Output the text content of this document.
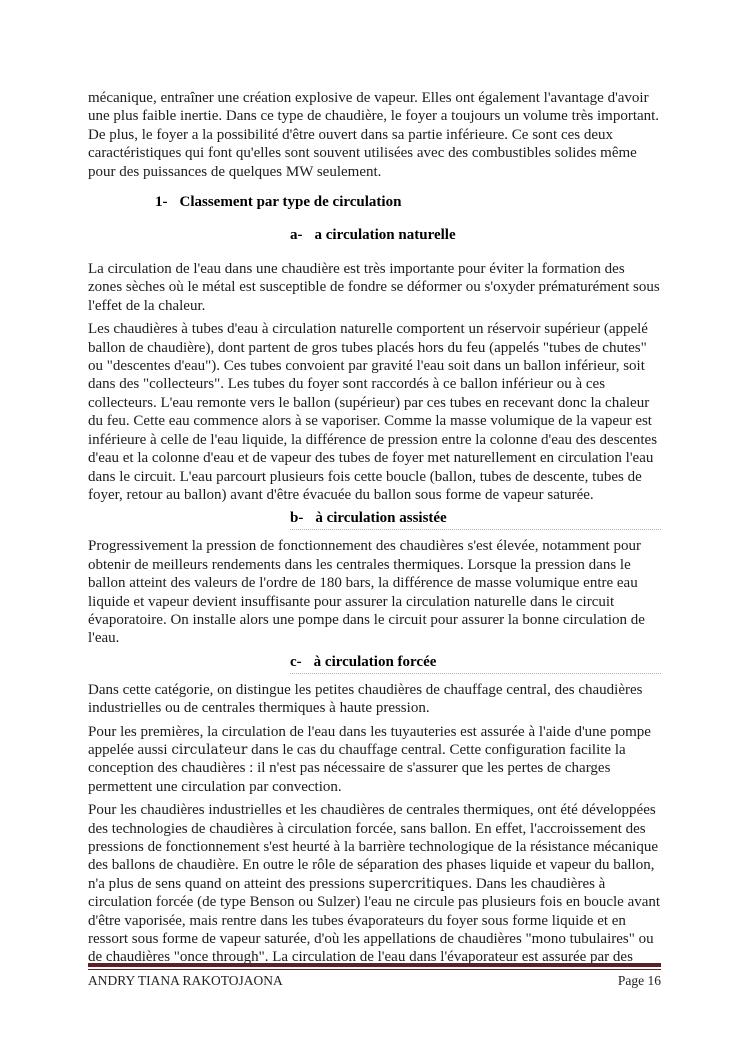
mécanique, entraîner une création explosive de vapeur. Elles ont également l'avantage d'avoir une plus faible inertie. Dans ce type de chaudière, le foyer a toujours un volume très important. De plus, le foyer a la possibilité d'être ouvert dans sa partie inférieure. Ce sont ces deux caractéristiques qui font qu'elles sont souvent utilisées avec des combustibles solides même pour des puissances de quelques MW seulement.

1- Classement par type de circulation
a- a circulation naturelle

La circulation de l'eau dans une chaudière est très importante pour éviter la formation des zones sèches où le métal est susceptible de fondre se déformer ou s'oxyder prématurément sous l'effet de la chaleur.

Les chaudières à tubes d'eau à circulation naturelle comportent un réservoir supérieur (appelé ballon de chaudière), dont partent de gros tubes placés hors du feu (appelés "tubes de chutes" ou "descentes d'eau"). Ces tubes convoient par gravité l'eau soit dans un ballon inférieur, soit dans des "collecteurs". Les tubes du foyer sont raccordés à ce ballon inférieur ou à ces collecteurs. L'eau remonte vers le ballon (supérieur) par ces tubes en recevant donc la chaleur du feu. Cette eau commence alors à se vaporiser. Comme la masse volumique de la vapeur est inférieure à celle de l'eau liquide, la différence de pression entre la colonne d'eau des descentes d'eau et la colonne d'eau et de vapeur des tubes de foyer met naturellement en circulation l'eau dans le circuit. L'eau parcourt plusieurs fois cette boucle (ballon, tubes de descente, tubes de foyer, retour au ballon) avant d'être évacuée du ballon sous forme de vapeur saturée.

b- à circulation assistée

Progressivement la pression de fonctionnement des chaudières s'est élevée, notamment pour obtenir de meilleurs rendements dans les centrales thermiques. Lorsque la pression dans le ballon atteint des valeurs de l'ordre de 180 bars, la différence de masse volumique entre eau liquide et vapeur devient insuffisante pour assurer la circulation naturelle dans le circuit évaporatoire. On installe alors une pompe dans le circuit pour assurer la bonne circulation de l'eau.

c- à circulation forcée

Dans cette catégorie, on distingue les petites chaudières de chauffage central, des chaudières industrielles ou de centrales thermiques à haute pression.

Pour les premières, la circulation de l'eau dans les tuyauteries est assurée à l'aide d'une pompe appelée aussi circulateur dans le cas du chauffage central. Cette configuration facilite la conception des chaudières : il n'est pas nécessaire de s'assurer que les pertes de charges permettent une circulation par convection.

Pour les chaudières industrielles et les chaudières de centrales thermiques, ont été développées des technologies de chaudières à circulation forcée, sans ballon. En effet, l'accroissement des pressions de fonctionnement s'est heurté à la barrière technologique de la résistance mécanique des ballons de chaudière. En outre le rôle de séparation des phases liquide et vapeur du ballon, n'a plus de sens quand on atteint des pressions supercritiques. Dans les chaudières à circulation forcée (de type Benson ou Sulzer) l'eau ne circule pas plusieurs fois en boucle avant d'être vaporisée, mais rentre dans les tubes évaporateurs du foyer sous forme liquide et en ressort sous forme de vapeur saturée, d'où les appellations de chaudières "mono tubulaires" ou de chaudières "once through". La circulation de l'eau dans l'évaporateur est assurée par des

ANDRY TIANA RAKOTOJAONA	Page 16
